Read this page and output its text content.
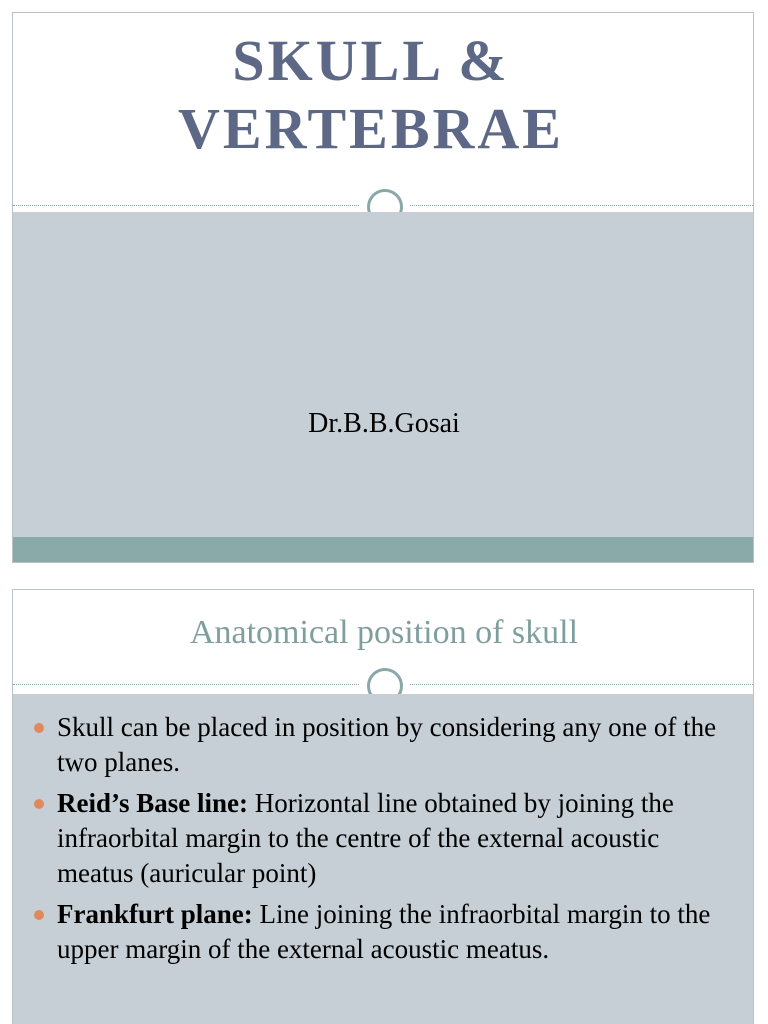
SKULL &
VERTEBRAE
Dr.B.B.Gosai
Anatomical position of skull
Skull can be placed in position by considering any one of the two planes.
Reid’s Base line: Horizontal line obtained by joining the infraorbital margin to the centre of the external acoustic meatus (auricular point)
Frankfurt plane: Line joining the infraorbital margin to the upper margin of the external acoustic meatus.
